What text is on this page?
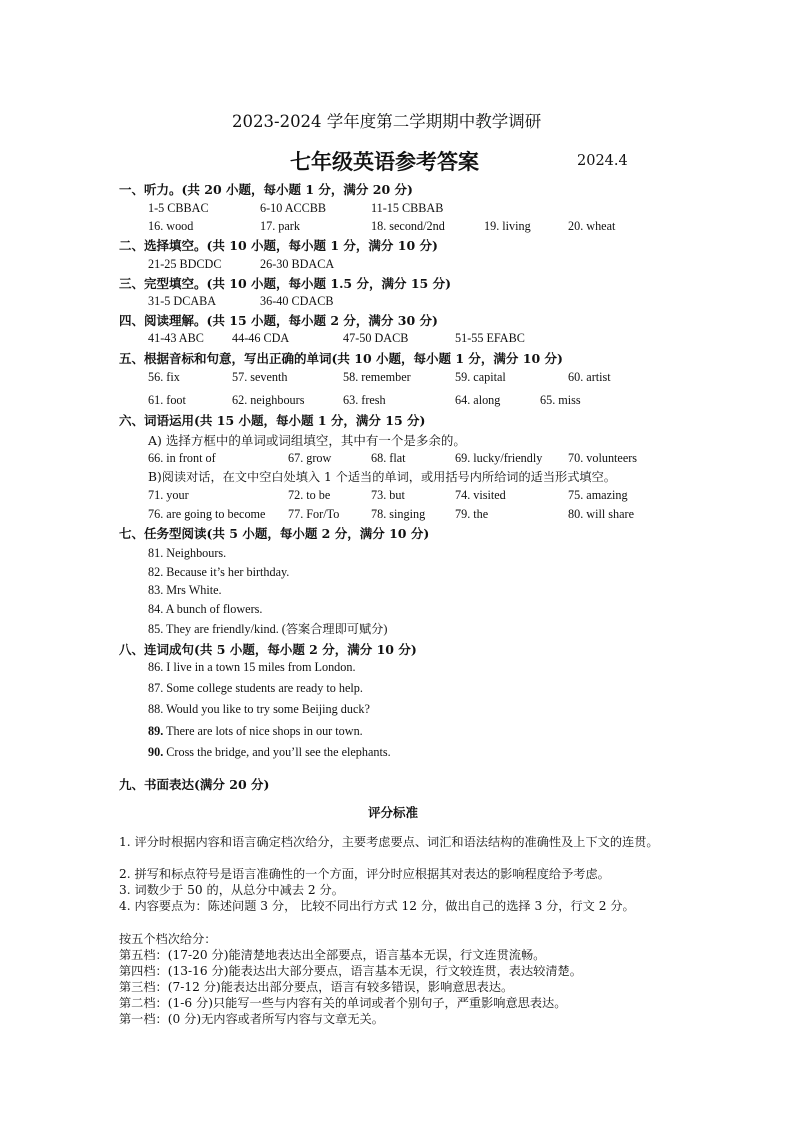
2023-2024 学年度第二学期期中教学调研
七年级英语参考答案	2024.4
一、听力。(共 20 小题，每小题 1 分，满分 20 分)
1-5 CBBAC	6-10 ACCBB	11-15 CBBAB
16. wood	17. park	18. second/2nd	19. living	20. wheat
二、选择填空。(共 10 小题，每小题 1 分，满分 10 分)
21-25 BDCDC	26-30 BDACA
三、完型填空。(共 10 小题，每小题 1.5 分，满分 15 分)
31-5 DCABA	36-40 CDACB
四、阅读理解。(共 15 小题，每小题 2 分，满分 30 分)
41-43 ABC 44-46 CDA	47-50 DACB	51-55 EFABC
五、根据音标和句意，写出正确的单词(共 10 小题，每小题 1 分，满分 10 分)
56. fix	57. seventh	58. remember	59. capital	60. artist
61. foot	62. neighbours	63. fresh	64. along	65. miss
六、词语运用(共 15 小题，每小题 1 分，满分 15 分)
A) 选择方框中的单词或词组填空，其中有一个是多余的。
66. in front of	67. grow	68. flat	69. lucky/friendly 70. volunteers
B)阅读对话，在文中空白处填入 1 个适当的单词，或用括号内所给词的适当形式填空。
71. your	72. to be	73. but	74. visited	75. amazing
76. are going to become 77. For/To	78. singing 79. the	80. will share
七、任务型阅读(共 5 小题，每小题 2 分，满分 10 分)
81. Neighbours.
82. Because it’s her birthday.
83. Mrs White.
84. A bunch of flowers.
85. They are friendly/kind. (答案合理即可赋分)
八、连词成句(共 5 小题，每小题 2 分，满分 10 分)
86. I live in a town 15 miles from London.
87. Some college students are ready to help.
88. Would you like to try some Beijing duck?
89. There are lots of nice shops in our town.
90. Cross the bridge, and you’ll see the elephants.
九、书面表达(满分 20 分)
评分标准
1. 评分时根据内容和语言确定档次给分，主要考虑要点、词汇和语法结构的准确性及上下文的连贯。
2. 拼写和标点符号是语言准确性的一个方面，评分时应根据其对表达的影响程度给予考虑。
3. 词数少于 50 的，从总分中减去 2 分。
4. 内容要点为：陈述问题 3 分， 比较不同出行方式 12 分，做出自己的选择 3 分，行文 2 分。
按五个档次给分：
第五档：(17-20 分)能清楚地表达出全部要点，语言基本无误，行文连贯流畅。
第四档：(13-16 分)能表达出大部分要点，语言基本无误，行文较连贯，表达较清楚。
第三档：(7-12 分)能表达出部分要点，语言有较多错误，影响意思表达。
第二档：(1-6 分)只能写一些与内容有关的单词或者个别句子，严重影响意思表达。
第一档：(0 分)无内容或者所写内容与文章无关。
